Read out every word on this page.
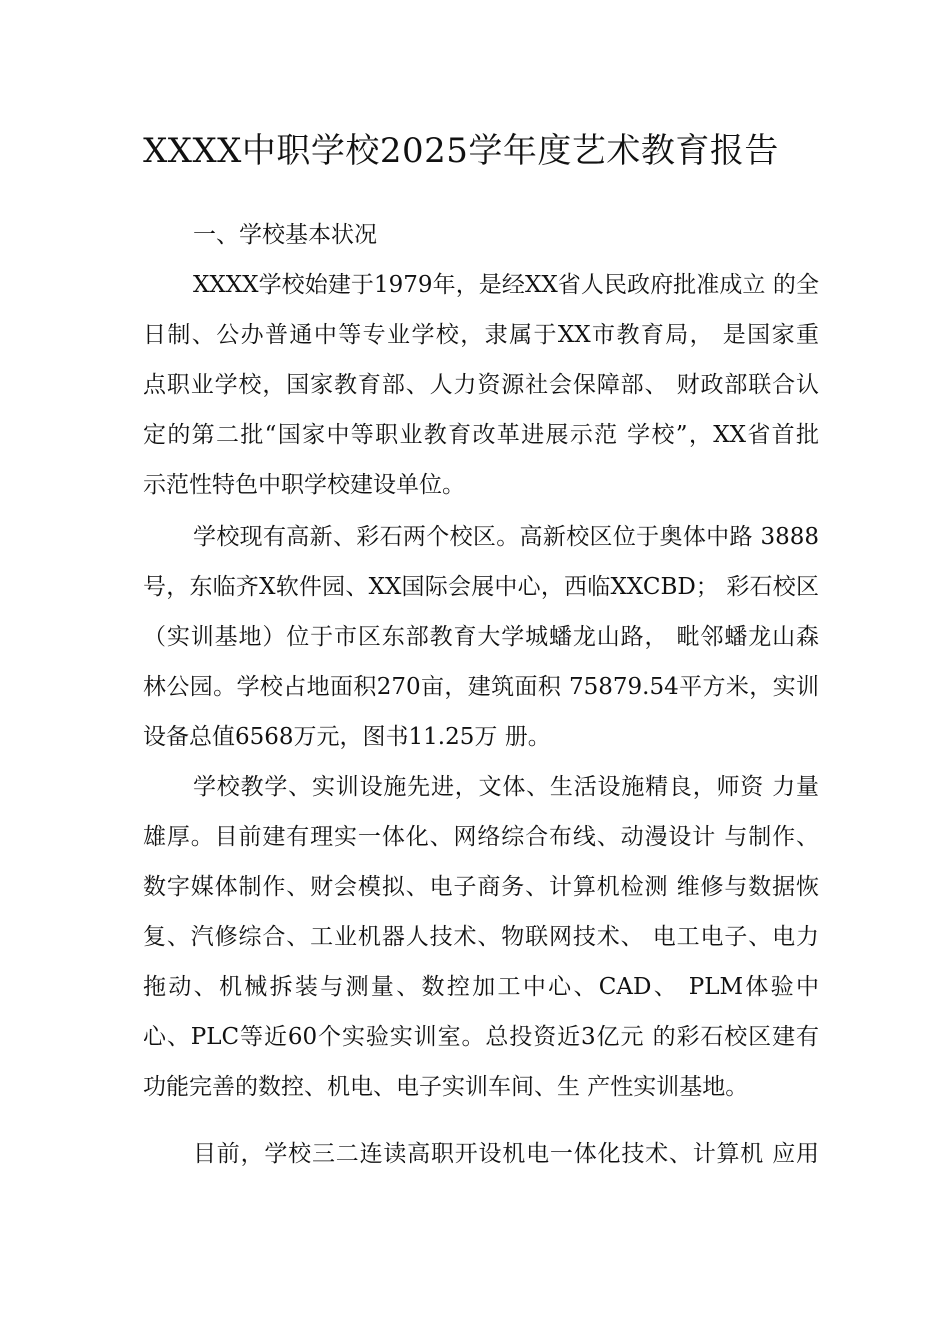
XXXX中职学校2025学年度艺术教育报告
一、学校基本状况
XXXX学校始建于1979年，是经XX省人民政府批准成立 的全
日制、公办普通中等专业学校，隶属于XX市教育局， 是国家重
点职业学校，国家教育部、人力资源社会保障部、 财政部联合认
定的第二批“国家中等职业教育改革进展示范 学校”，XX省首批
示范性特色中职学校建设单位。
学校现有高新、彩石两个校区。高新校区位于奥体中路 3888
号，东临齐X软件园、XX国际会展中心，西临XXCBD； 彩石校区
（实训基地）位于市区东部教育大学城蟠龙山路， 毗邻蟠龙山森
林公园。学校占地面积270亩，建筑面积 75879.54平方米，实训
设备总值6568万元，图书11.25万 册。
学校教学、实训设施先进，文体、生活设施精良，师资 力量
雄厚。目前建有理实一体化、网络综合布线、动漫设计 与制作、
数字媒体制作、财会模拟、电子商务、计算机检测 维修与数据恢
复、汽修综合、工业机器人技术、物联网技术、 电工电子、电力
拖动、机械拆装与测量、数控加工中心、CAD、 PLM体验中
心、PLC等近60个实验实训室。总投资近3亿元 的彩石校区建有
功能完善的数控、机电、电子实训车间、生 产性实训基地。
目前，学校三二连读高职开设机电一体化技术、计算机 应用
